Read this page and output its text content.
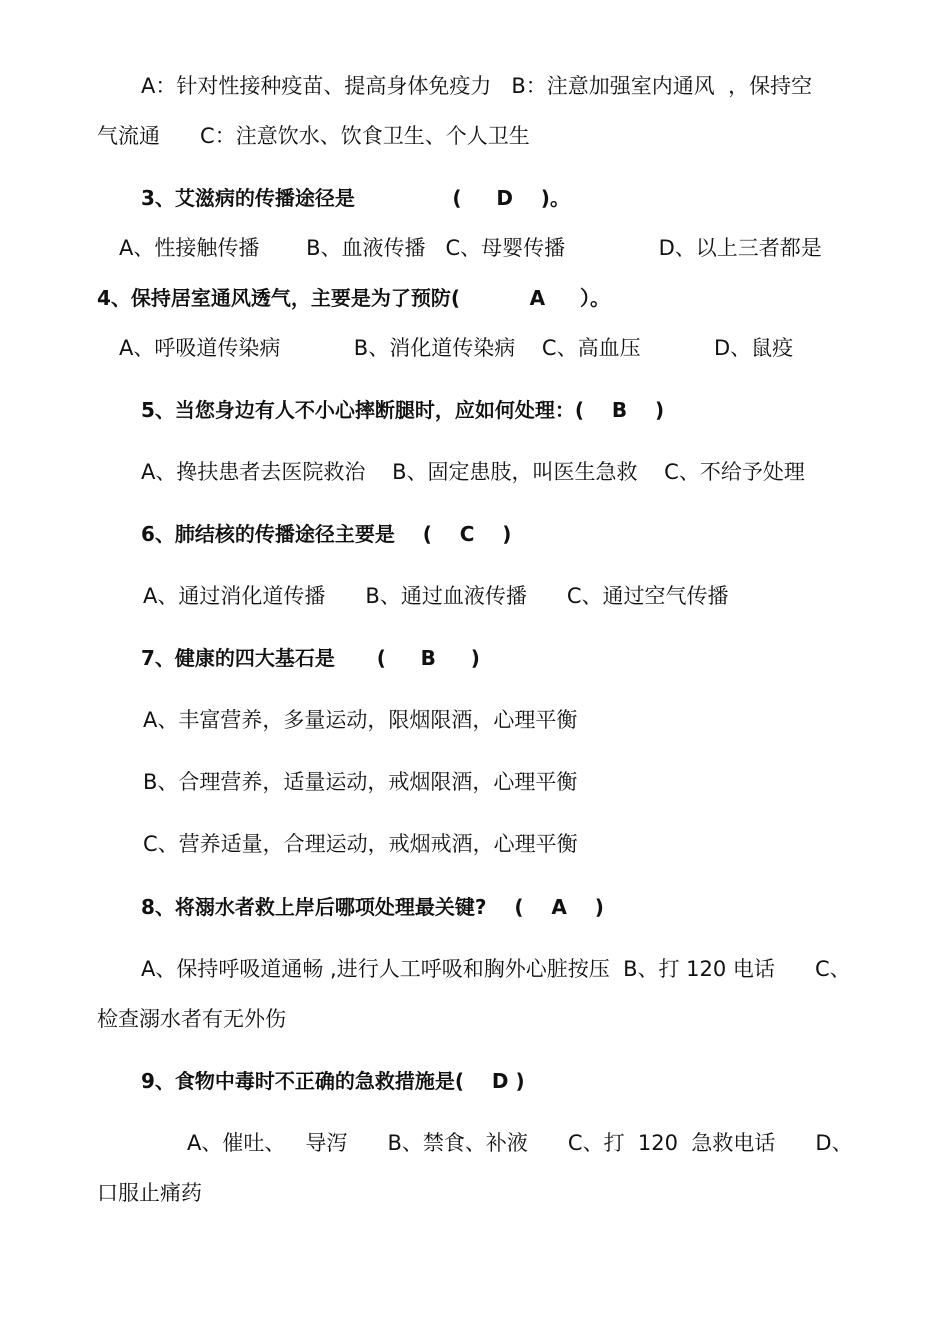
A：针对性接种疫苗、提高身体免疫力   B：注意加强室内通风  ，保持空
气流通      C：注意饮水、饮食卫生、个人卫生
3、艾滋病的传播途径是              (     D    )。
A、性接触传播       B、血液传播   C、母婴传播              D、以上三者都是
4、保持居室通风透气，主要是为了预防(          A     ）。
A、呼吸道传染病           B、消化道传染病    C、高血压           D、鼠疫
5、当您身边有人不小心摔断腿时，应如何处理：(    B    )
A、搀扶患者去医院救治    B、固定患肢，叫医生急救    C、不给予处理
6、肺结核的传播途径主要是    (    C    )
A、通过消化道传播      B、通过血液传播      C、通过空气传播
7、健康的四大基石是      (     B     )
A、丰富营养，多量运动，限烟限酒，心理平衡
B、合理营养，适量运动，戒烟限酒，心理平衡
C、营养适量，合理运动，戒烟戒酒，心理平衡
8、将溺水者救上岸后哪项处理最关键?    (    A    )
A、保持呼吸道通畅 ,进行人工呼吸和胸外心脏按压  B、打 120 电话      C、
检查溺水者有无外伤
9、食物中毒时不正确的急救措施是(    D )
A、催吐、   导泻      B、禁食、补液      C、打  120  急救电话      D、
口服止痛药
